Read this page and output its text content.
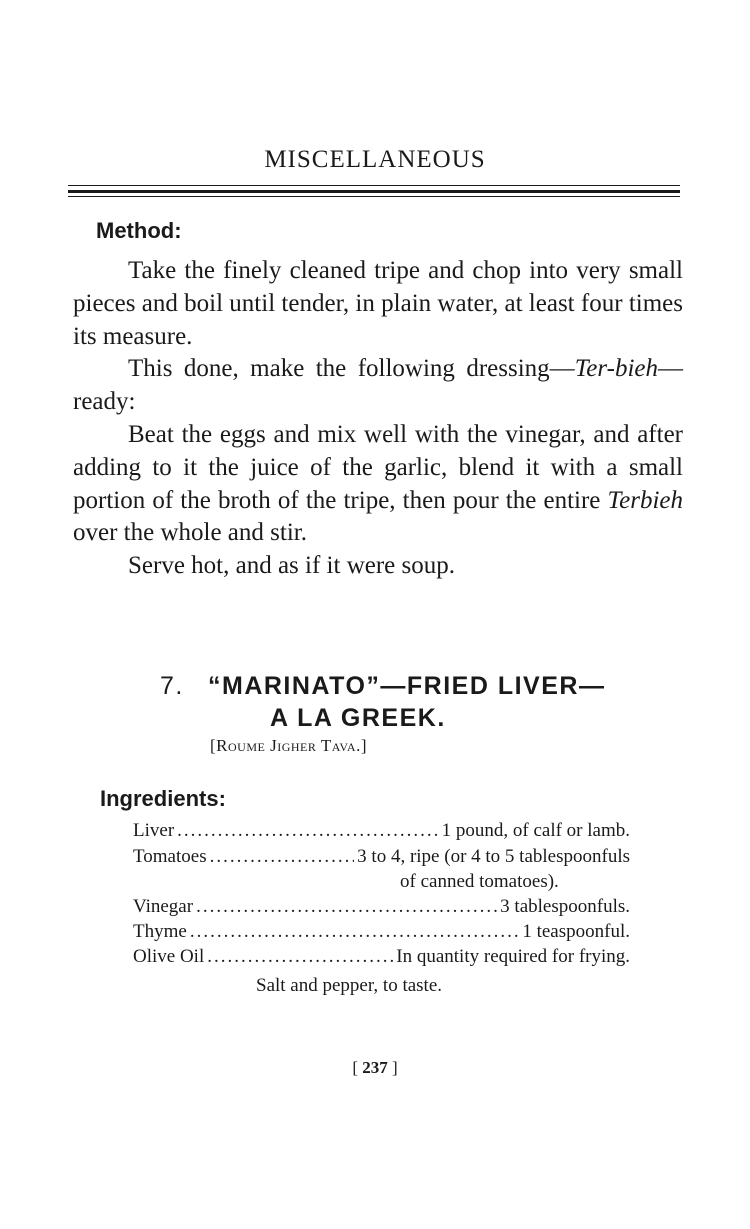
MISCELLANEOUS
Method:

Take the finely cleaned tripe and chop into very small pieces and boil until tender, in plain water, at least four times its measure.

This done, make the following dressing—Ter-bieh—ready:

Beat the eggs and mix well with the vinegar, and after adding to it the juice of the garlic, blend it with a small portion of the broth of the tripe, then pour the entire Terbieh over the whole and stir.

Serve hot, and as if it were soup.

7. “MARINATO”—FRIED LIVER—
A LA GREEK.
[Roume Jigher Tava.]
Ingredients:
Liver .....	1 pound, of calf or lamb.
Tomatoes .....	3 to 4, ripe (or 4 to 5 tablespoonfuls
of canned tomatoes).
Vinegar .....	3 tablespoonfuls.
Thyme .....	1 teaspoonful.
Olive Oil .....	In quantity required for frying.
Salt and pepper, to taste.
[ 237 ]
